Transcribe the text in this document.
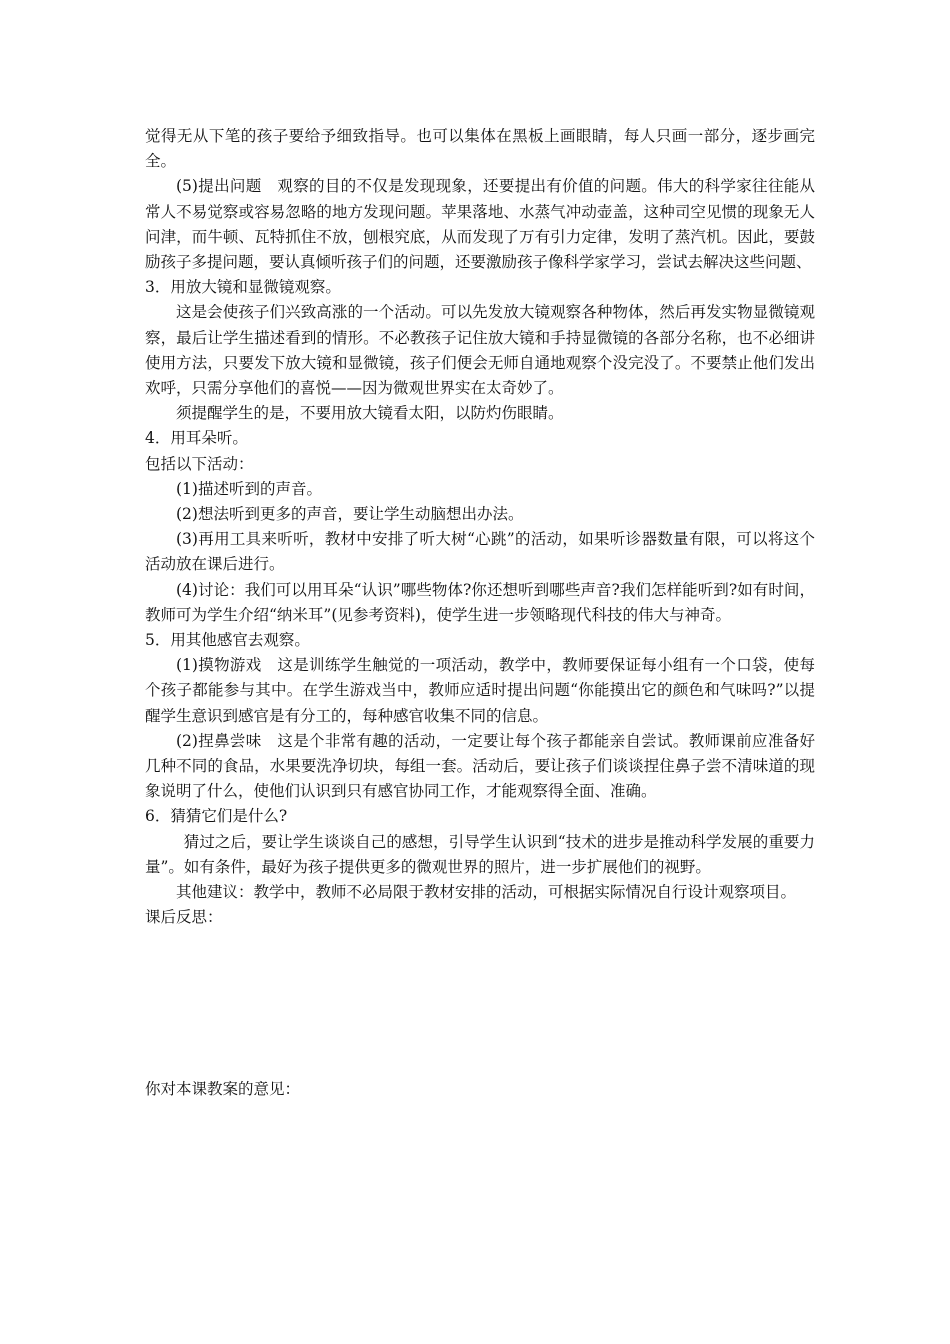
觉得无从下笔的孩子要给予细致指导。也可以集体在黑板上画眼睛，每人只画一部分，逐步画完全。

(5)提出问题　观察的目的不仅是发现现象，还要提出有价值的问题。伟大的科学家往往能从常人不易觉察或容易忽略的地方发现问题。苹果落地、水蒸气冲动壶盖，这种司空见惯的现象无人问津，而牛顿、瓦特抓住不放，刨根究底，从而发现了万有引力定律，发明了蒸汽机。因此，要鼓励孩子多提问题，要认真倾听孩子们的问题，还要激励孩子像科学家学习，尝试去解决这些问题、

3．用放大镜和显微镜观察。

这是会使孩子们兴致高涨的一个活动。可以先发放大镜观察各种物体，然后再发实物显微镜观察，最后让学生描述看到的情形。不必教孩子记住放大镜和手持显微镜的各部分名称，也不必细讲使用方法，只要发下放大镜和显微镜，孩子们便会无师自通地观察个没完没了。不要禁止他们发出欢呼，只需分享他们的喜悦——因为微观世界实在太奇妙了。

须提醒学生的是，不要用放大镜看太阳，以防灼伤眼睛。

4．用耳朵听。

包括以下活动：

(1)描述听到的声音。

(2)想法听到更多的声音，要让学生动脑想出办法。

(3)再用工具来听听，教材中安排了听大树“心跳”的活动，如果听诊器数量有限，可以将这个活动放在课后进行。

(4)讨论：我们可以用耳朵“认识”哪些物体?你还想听到哪些声音?我们怎样能听到?如有时间，教师可为学生介绍“纳米耳”(见参考资料)，使学生进一步领略现代科技的伟大与神奇。

5．用其他感官去观察。

(1)摸物游戏　这是训练学生触觉的一项活动，教学中，教师要保证每小组有一个口袋，使每个孩子都能参与其中。在学生游戏当中，教师应适时提出问题“你能摸出它的颜色和气味吗?”以提醒学生意识到感官是有分工的，每种感官收集不同的信息。

(2)捏鼻尝味　这是个非常有趣的活动，一定要让每个孩子都能亲自尝试。教师课前应准备好几种不同的食品，水果要洗净切块，每组一套。活动后，要让孩子们谈谈捏住鼻子尝不清味道的现象说明了什么，使他们认识到只有感官协同工作，才能观察得全面、准确。

6．猜猜它们是什么?

猜过之后，要让学生谈谈自己的感想，引导学生认识到“技术的进步是推动科学发展的重要力量”。如有条件，最好为孩子提供更多的微观世界的照片，进一步扩展他们的视野。

其他建议：教学中，教师不必局限于教材安排的活动，可根据实际情况自行设计观察项目。

课后反思：

你对本课教案的意见：
